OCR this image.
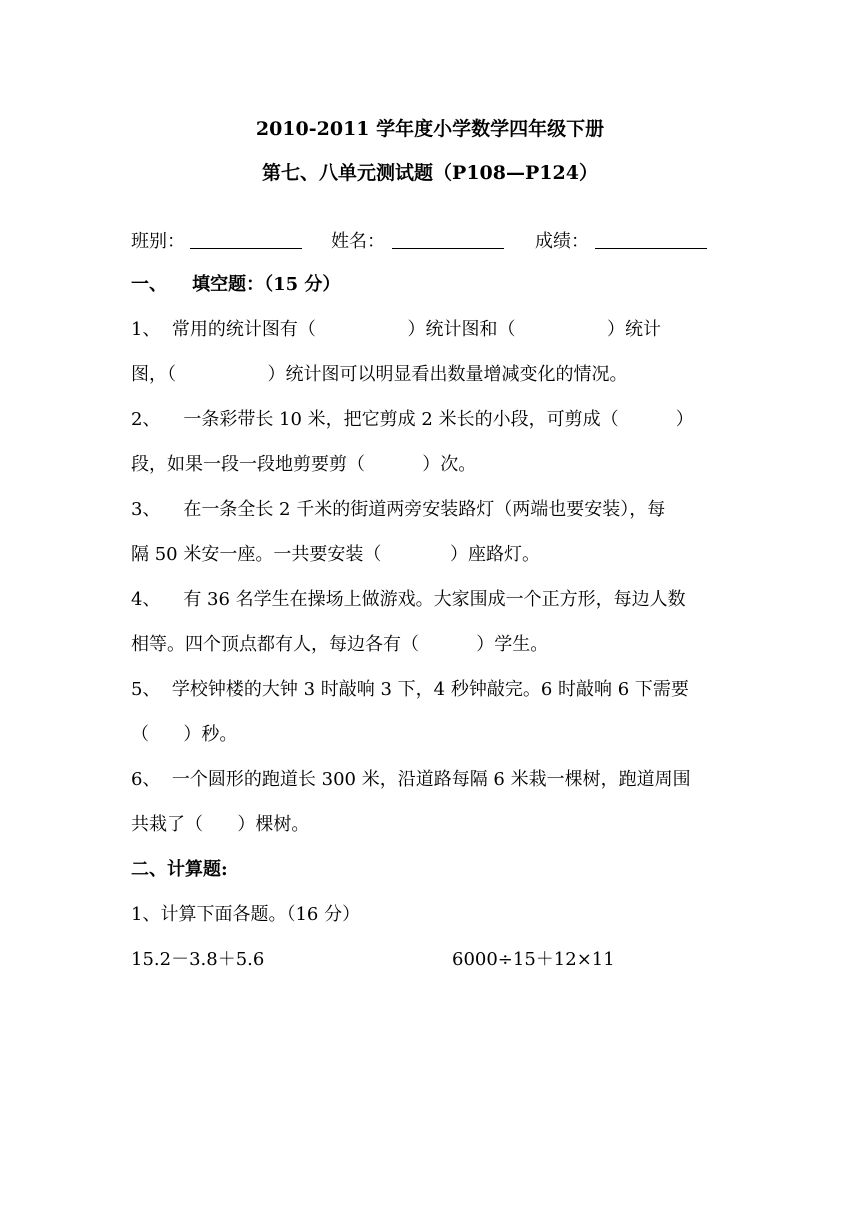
2010-2011 学年度小学数学四年级下册
第七、八单元测试题（P108—P124）
班别：	姓名：	成绩：
一、    填空题：（15 分）
1、  常用的统计图有（                ）统计图和（                ）统计
图，（                ）统计图可以明显看出数量增减变化的情况。
2、    一条彩带长 10 米，把它剪成 2 米长的小段，可剪成（          ）
段，如果一段一段地剪要剪（          ）次。
3、    在一条全长 2 千米的街道两旁安装路灯（两端也要安装），每
隔 50 米安一座。一共要安装（            ）座路灯。
4、    有 36 名学生在操场上做游戏。大家围成一个正方形，每边人数
相等。四个顶点都有人，每边各有（          ）学生。
5、  学校钟楼的大钟 3 时敲响 3 下，4 秒钟敲完。6 时敲响 6 下需要
（      ）秒。
6、  一个圆形的跑道长 300 米，沿道路每隔 6 米栽一棵树，跑道周围
共栽了（      ）棵树。
二、计算题:
1、计算下面各题。（16 分）
15.2－3.8＋5.6	6000÷15＋12×11
